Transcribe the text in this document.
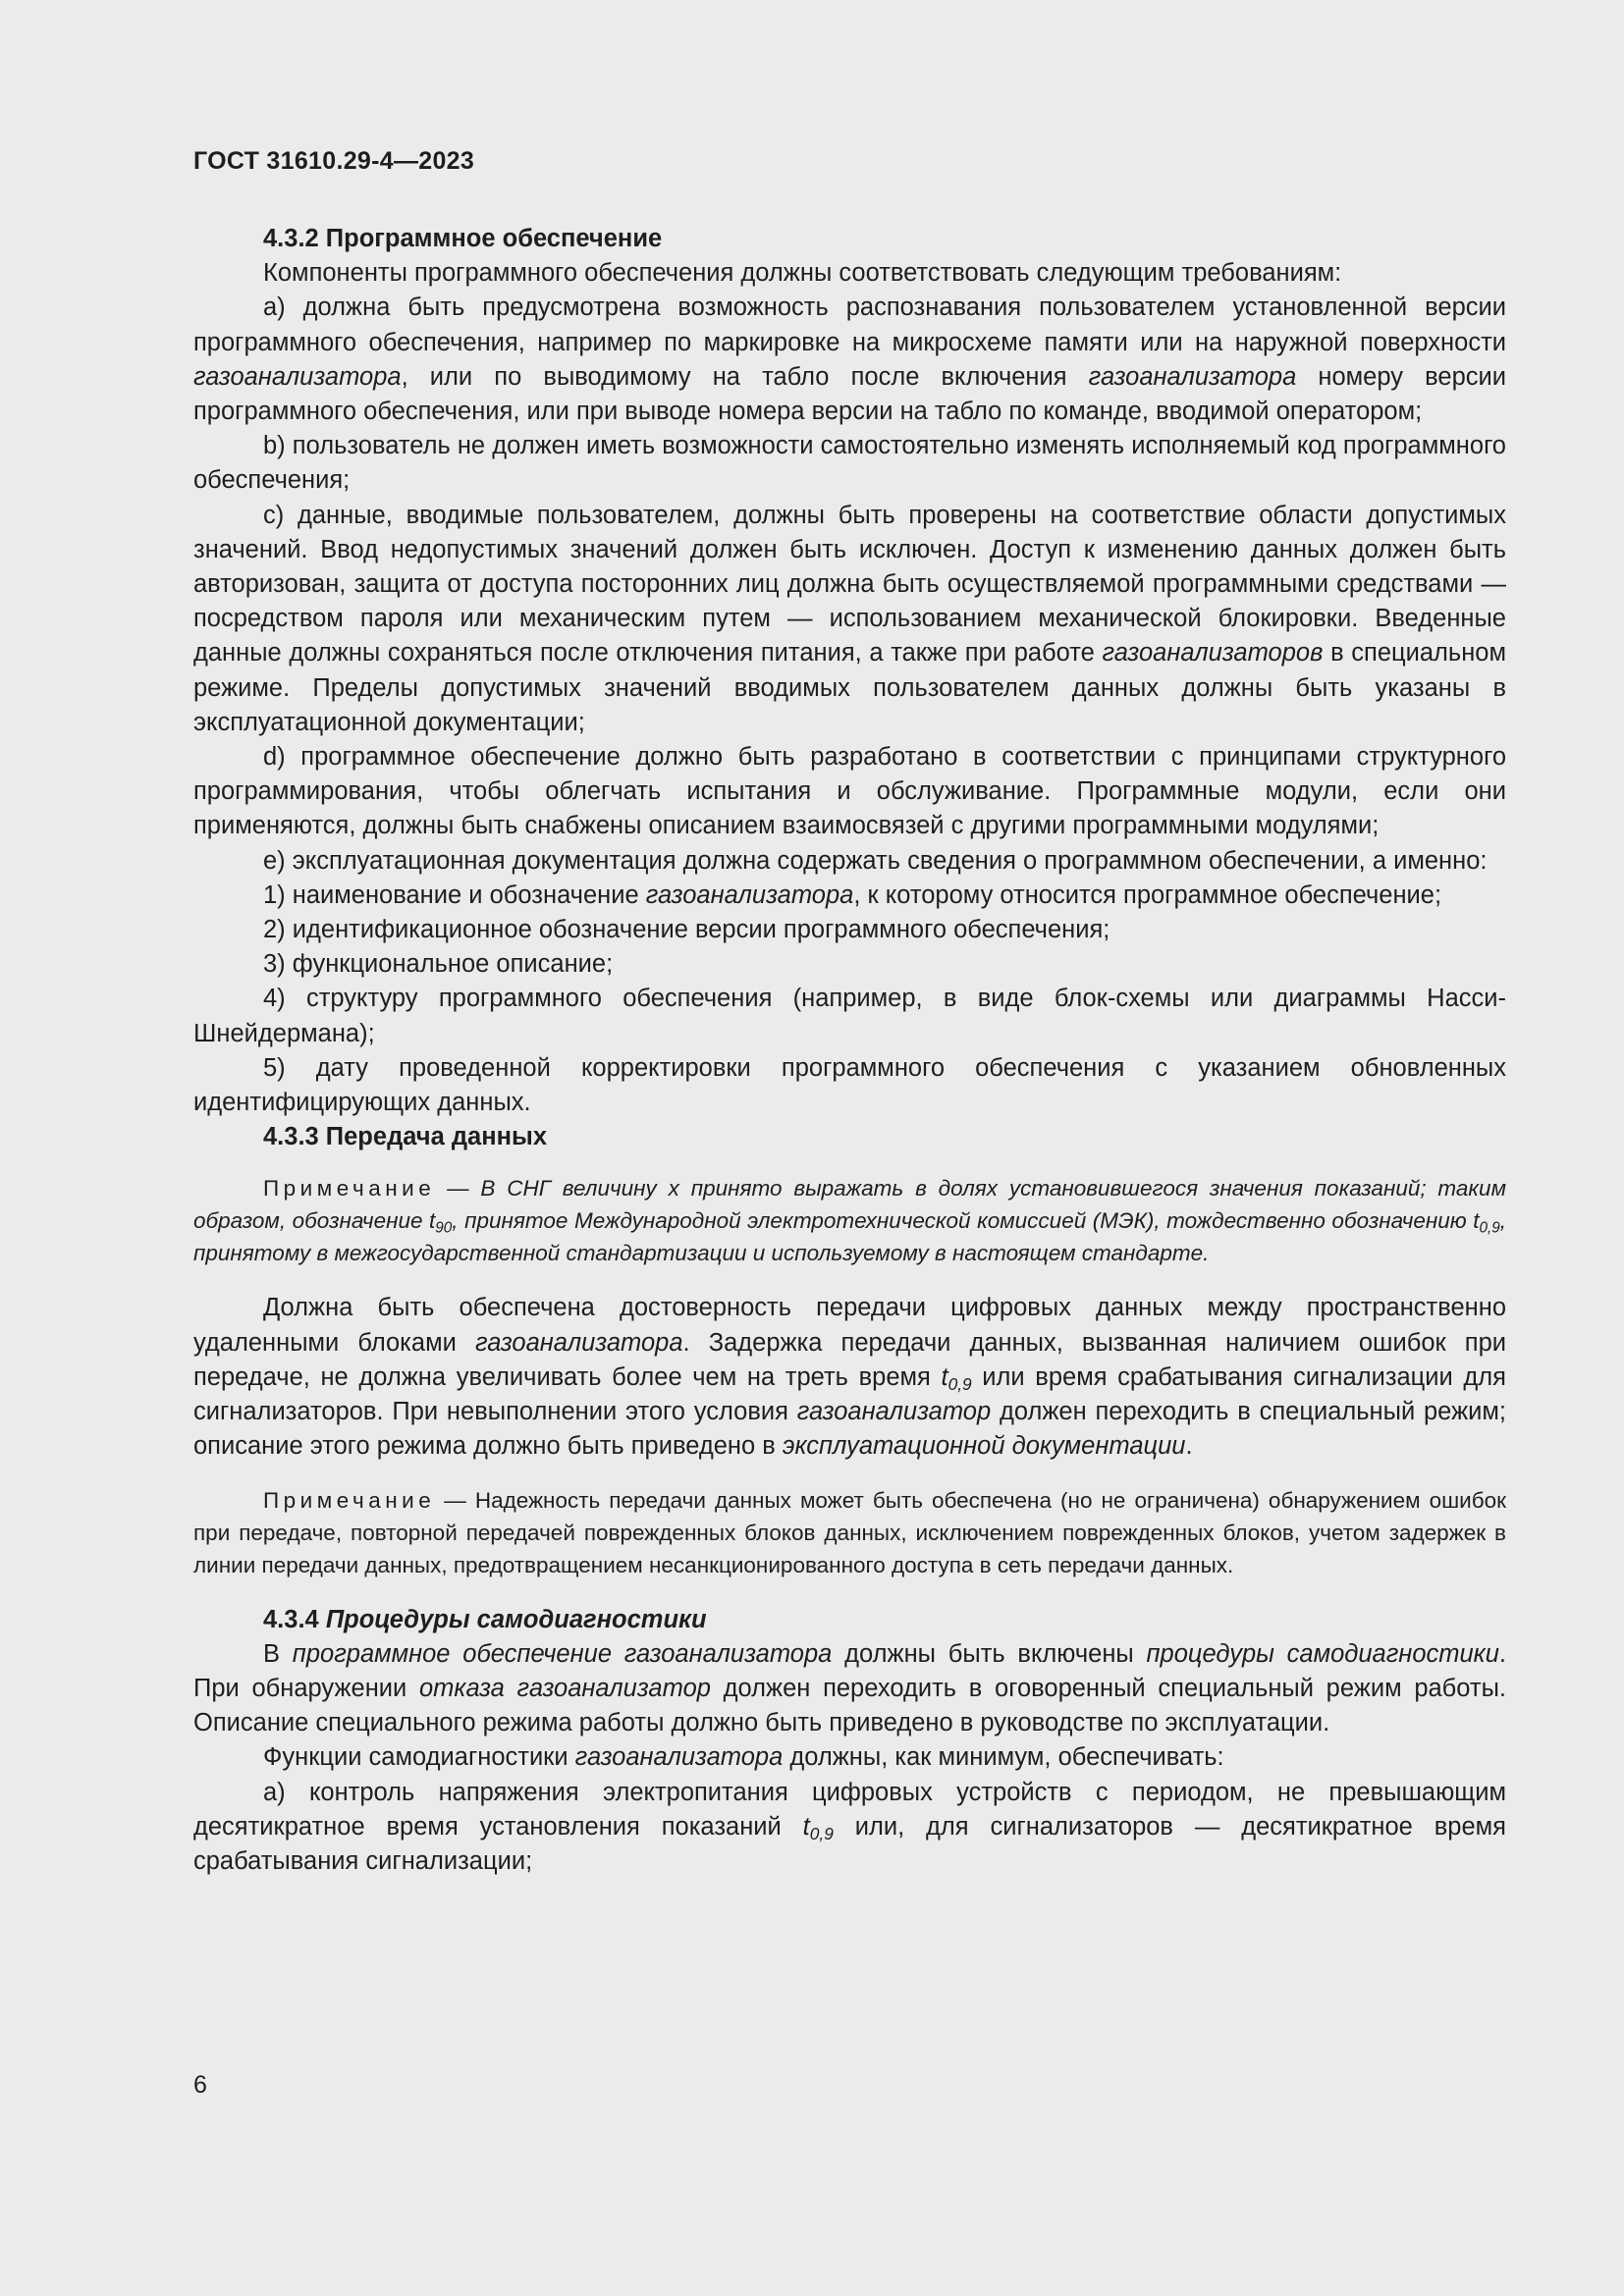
ГОСТ 31610.29-4—2023

4.3.2 Программное обеспечение

Компоненты программного обеспечения должны соответствовать следующим требованиям:

а) должна быть предусмотрена возможность распознавания пользователем установленной версии программного обеспечения, например по маркировке на микросхеме памяти или на наружной поверхности газоанализатора, или по выводимому на табло после включения газоанализатора номеру версии программного обеспечения, или при выводе номера версии на табло по команде, вводимой оператором;

b) пользователь не должен иметь возможности самостоятельно изменять исполняемый код программного обеспечения;

с) данные, вводимые пользователем, должны быть проверены на соответствие области допустимых значений. Ввод недопустимых значений должен быть исключен. Доступ к изменению данных должен быть авторизован, защита от доступа посторонних лиц должна быть осуществляемой программными средствами — посредством пароля или механическим путем — использованием механической блокировки. Введенные данные должны сохраняться после отключения питания, а также при работе газоанализаторов в специальном режиме. Пределы допустимых значений вводимых пользователем данных должны быть указаны в эксплуатационной документации;

d) программное обеспечение должно быть разработано в соответствии с принципами структурного программирования, чтобы облегчать испытания и обслуживание. Программные модули, если они применяются, должны быть снабжены описанием взаимосвязей с другими программными модулями;

е) эксплуатационная документация должна содержать сведения о программном обеспечении, а именно:

1) наименование и обозначение газоанализатора, к которому относится программное обеспечение;

2) идентификационное обозначение версии программного обеспечения;

3) функциональное описание;

4) структуру программного обеспечения (например, в виде блок-схемы или диаграммы Насси-Шнейдермана);

5) дату проведенной корректировки программного обеспечения с указанием обновленных идентифицирующих данных.

4.3.3 Передача данных

Примечание — В СНГ величину x принято выражать в долях установившегося значения показаний; таким образом, обозначение $t_{90}$, принятое Международной электротехнической комиссией (МЭК), тождественно обозначению $t_{0,9}$, принятому в межгосударственной стандартизации и используемому в настоящем стандарте.

Должна быть обеспечена достоверность передачи цифровых данных между пространственно удаленными блоками газоанализатора. Задержка передачи данных, вызванная наличием ошибок при передаче, не должна увеличивать более чем на треть время $t_{0,9}$ или время срабатывания сигнализации для сигнализаторов. При невыполнении этого условия газоанализатор должен переходить в специальный режим; описание этого режима должно быть приведено в эксплуатационной документации.

Примечание — Надежность передачи данных может быть обеспечена (но не ограничена) обнаружением ошибок при передаче, повторной передачей поврежденных блоков данных, исключением поврежденных блоков, учетом задержек в линии передачи данных, предотвращением несанкционированного доступа в сеть передачи данных.

4.3.4 Процедуры самодиагностики

В программное обеспечение газоанализатора должны быть включены процедуры самодиагностики. При обнаружении отказа газоанализатор должен переходить в оговоренный специальный режим работы. Описание специального режима работы должно быть приведено в руководстве по эксплуатации.

Функции самодиагностики газоанализатора должны, как минимум, обеспечивать:

а) контроль напряжения электропитания цифровых устройств с периодом, не превышающим десятикратное время установления показаний $t_{0,9}$ или, для сигнализаторов — десятикратное время срабатывания сигнализации;

6
